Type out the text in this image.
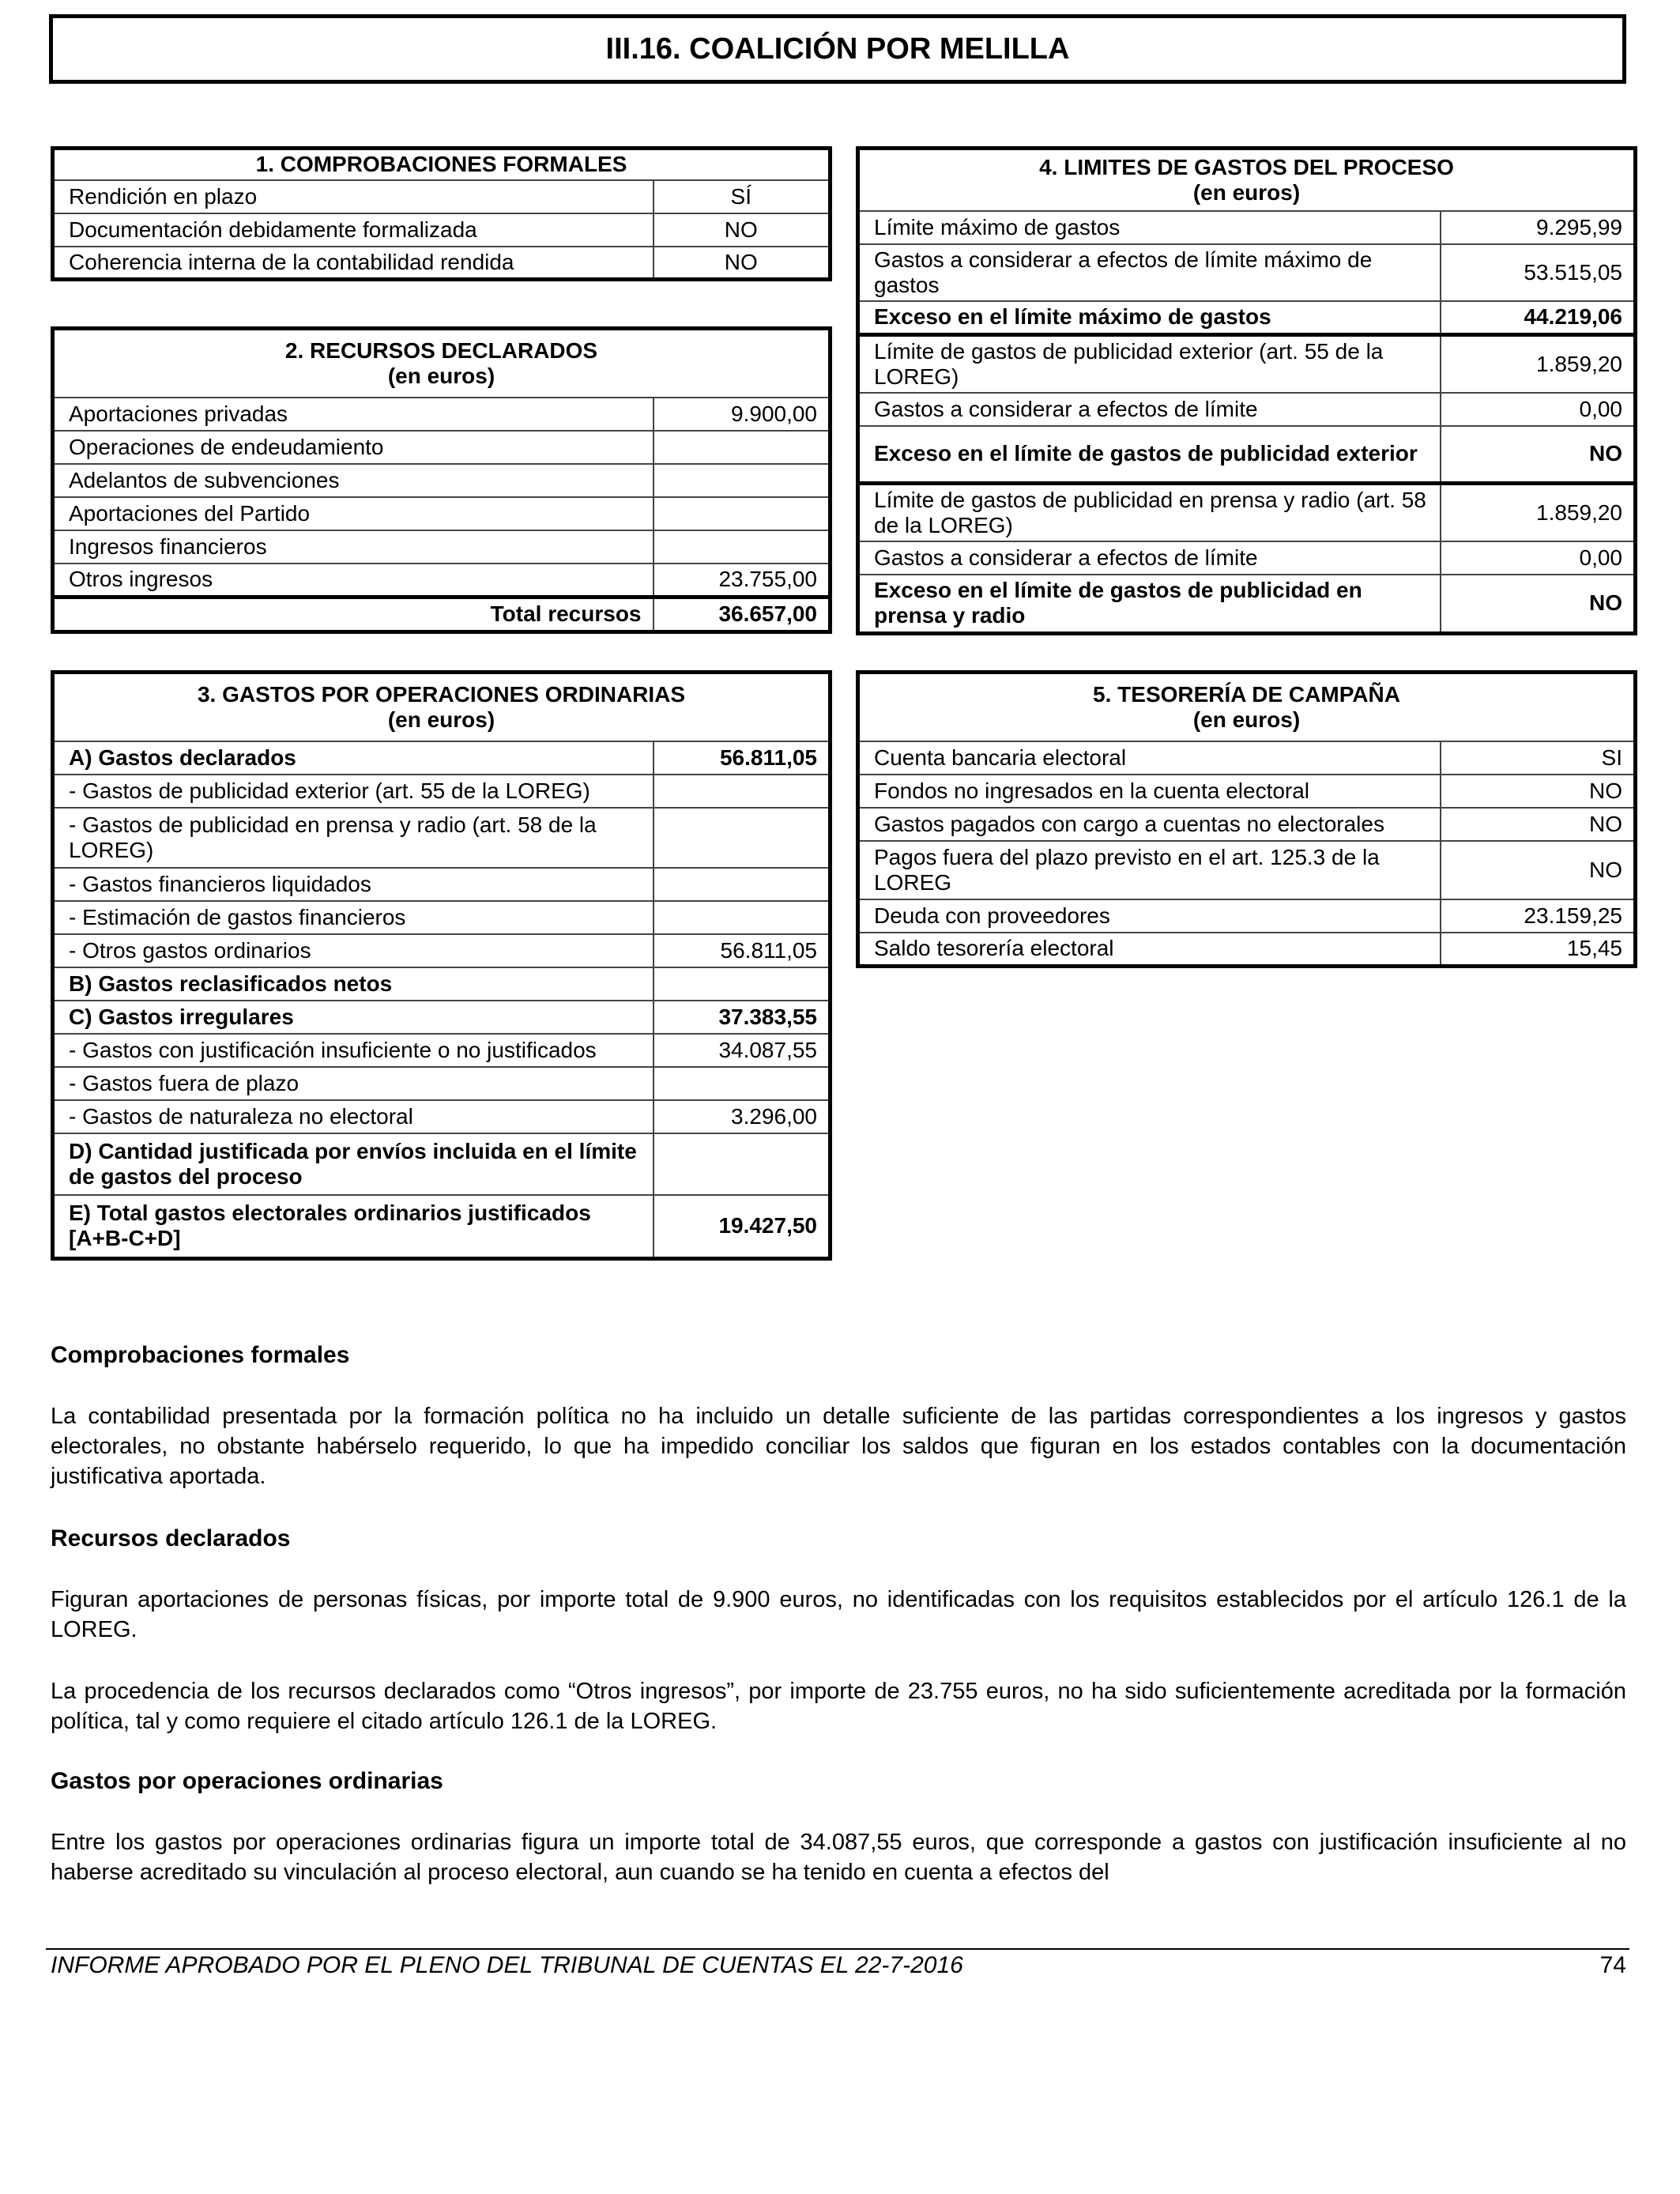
III.16. COALICIÓN POR MELILLA
1. COMPROBACIONES FORMALES	
Rendición en plazo	SÍ
Documentación debidamente formalizada	NO
Coherencia interna de la contabilidad rendida	NO
2. RECURSOS DECLARADOS
(en euros)	

Aportaciones privadas	9.900,00
Operaciones de endeudamiento	
Adelantos de subvenciones	
Aportaciones del Partido	
Ingresos financieros	
Otros ingresos	23.755,00
Total recursos	36.657,00
3. GASTOS POR OPERACIONES ORDINARIAS
(en euros)	

A) Gastos declarados	56.811,05
- Gastos de publicidad exterior (art. 55 de la LOREG)	
- Gastos de publicidad en prensa y radio (art. 58 de la LOREG)	
- Gastos financieros liquidados	
- Estimación de gastos financieros	
- Otros gastos ordinarios	56.811,05
B) Gastos reclasificados netos	
C) Gastos irregulares	37.383,55
- Gastos con justificación insuficiente o no justificados	34.087,55
- Gastos fuera de plazo	
- Gastos de naturaleza no electoral	3.296,00
D) Cantidad justificada por envíos incluida en el límite de gastos del proceso	
E) Total gastos electorales ordinarios justificados [A+B-C+D]	19.427,50
4. LIMITES DE GASTOS DEL PROCESO
(en euros)	

Límite máximo de gastos	9.295,99
Gastos a considerar a efectos de límite máximo de gastos	53.515,05
Exceso en el límite máximo de gastos	44.219,06
Límite de gastos de publicidad exterior (art. 55 de la LOREG)	1.859,20
Gastos a considerar a efectos de límite	0,00
Exceso en el límite de gastos de publicidad exterior	NO
Límite de gastos de publicidad en prensa y radio (art. 58 de la LOREG)	1.859,20
Gastos a considerar a efectos de límite	0,00
Exceso en el límite de gastos de publicidad en prensa y radio	NO
5. TESORERÍA DE CAMPAÑA
(en euros)	

Cuenta bancaria electoral	SI
Fondos no ingresados en la cuenta electoral	NO
Gastos pagados con cargo a cuentas no electorales	NO
Pagos fuera del plazo previsto en el art. 125.3 de la LOREG	NO
Deuda con proveedores	23.159,25
Saldo tesorería electoral	15,45
Comprobaciones formales
La contabilidad presentada por la formación política no ha incluido un detalle suficiente de las partidas correspondientes a los ingresos y gastos electorales, no obstante habérselo requerido, lo que ha impedido conciliar los saldos que figuran en los estados contables con la documentación justificativa aportada.
Recursos declarados
Figuran aportaciones de personas físicas, por importe total de 9.900 euros, no identificadas con los requisitos establecidos por el artículo 126.1 de la LOREG.
La procedencia de los recursos declarados como “Otros ingresos”, por importe de 23.755 euros, no ha sido suficientemente acreditada por la formación política, tal y como requiere el citado artículo 126.1 de la LOREG.
Gastos por operaciones ordinarias
Entre los gastos por operaciones ordinarias figura un importe total de 34.087,55 euros, que corresponde a gastos con justificación insuficiente al no haberse acreditado su vinculación al proceso electoral, aun cuando se ha tenido en cuenta a efectos del
INFORME APROBADO POR EL PLENO DEL TRIBUNAL DE CUENTAS EL 22-7-2016	74
